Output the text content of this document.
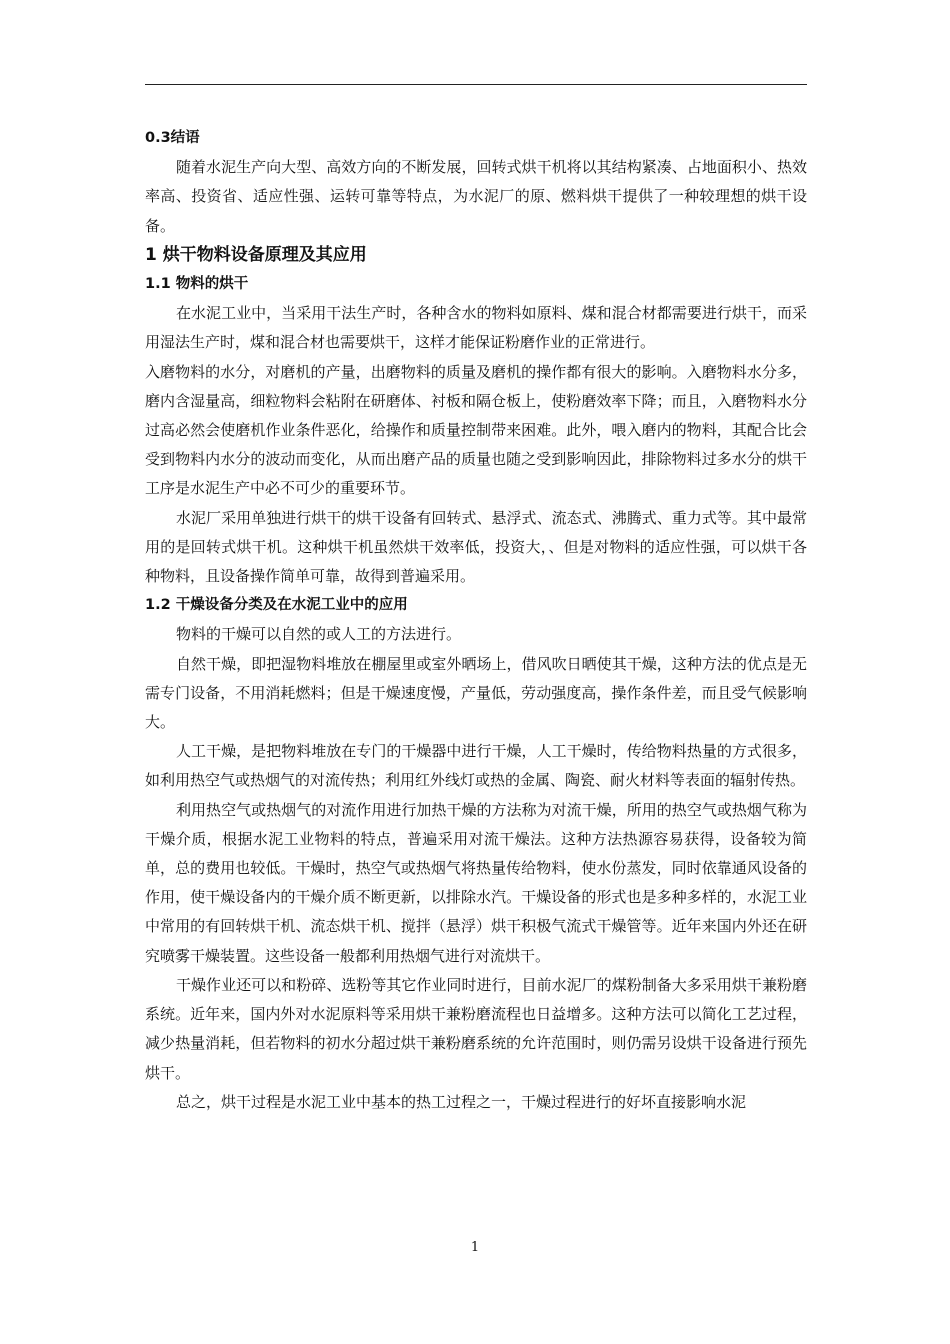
0.3结语

随着水泥生产向大型、高效方向的不断发展，回转式烘干机将以其结构紧凑、占地面积小、热效率高、投资省、适应性强、运转可靠等特点，为水泥厂的原、燃料烘干提供了一种较理想的烘干设备。

1 烘干物料设备原理及其应用

1.1 物料的烘干

在水泥工业中，当采用干法生产时，各种含水的物料如原料、煤和混合材都需要进行烘干，而采用湿法生产时，煤和混合材也需要烘干，这样才能保证粉磨作业的正常进行。

入磨物料的水分，对磨机的产量，出磨物料的质量及磨机的操作都有很大的影响。入磨物料水分多，磨内含湿量高，细粒物料会粘附在研磨体、衬板和隔仓板上，使粉磨效率下降；而且，入磨物料水分过高必然会使磨机作业条件恶化，给操作和质量控制带来困难。此外，喂入磨内的物料，其配合比会受到物料内水分的波动而变化，从而出磨产品的质量也随之受到影响因此，排除物料过多水分的烘干工序是水泥生产中必不可少的重要环节。

水泥厂采用单独进行烘干的烘干设备有回转式、悬浮式、流态式、沸腾式、重力式等。其中最常用的是回转式烘干机。这种烘干机虽然烘干效率低，投资大，、但是对物料的适应性强，可以烘干各种物料，且设备操作简单可靠，故得到普遍采用。

1.2 干燥设备分类及在水泥工业中的应用

物料的干燥可以自然的或人工的方法进行。

自然干燥，即把湿物料堆放在棚屋里或室外晒场上，借风吹日晒使其干燥，这种方法的优点是无需专门设备，不用消耗燃料；但是干燥速度慢，产量低，劳动强度高，操作条件差，而且受气候影响大。

人工干燥，是把物料堆放在专门的干燥器中进行干燥，人工干燥时，传给物料热量的方式很多，如利用热空气或热烟气的对流传热；利用红外线灯或热的金属、陶瓷、耐火材料等表面的辐射传热。

利用热空气或热烟气的对流作用进行加热干燥的方法称为对流干燥，所用的热空气或热烟气称为干燥介质，根据水泥工业物料的特点，普遍采用对流干燥法。这种方法热源容易获得，设备较为简单，总的费用也较低。干燥时，热空气或热烟气将热量传给物料，使水份蒸发，同时依靠通风设备的作用，使干燥设备内的干燥介质不断更新，以排除水汽。干燥设备的形式也是多种多样的，水泥工业中常用的有回转烘干机、流态烘干机、搅拌（悬浮）烘干积极气流式干燥管等。近年来国内外还在研究喷雾干燥装置。这些设备一般都利用热烟气进行对流烘干。

干燥作业还可以和粉碎、选粉等其它作业同时进行，目前水泥厂的煤粉制备大多采用烘干兼粉磨系统。近年来，国内外对水泥原料等采用烘干兼粉磨流程也日益增多。这种方法可以简化工艺过程，减少热量消耗，但若物料的初水分超过烘干兼粉磨系统的允许范围时，则仍需另设烘干设备进行预先烘干。

总之，烘干过程是水泥工业中基本的热工过程之一，干燥过程进行的好坏直接影响水泥

1
